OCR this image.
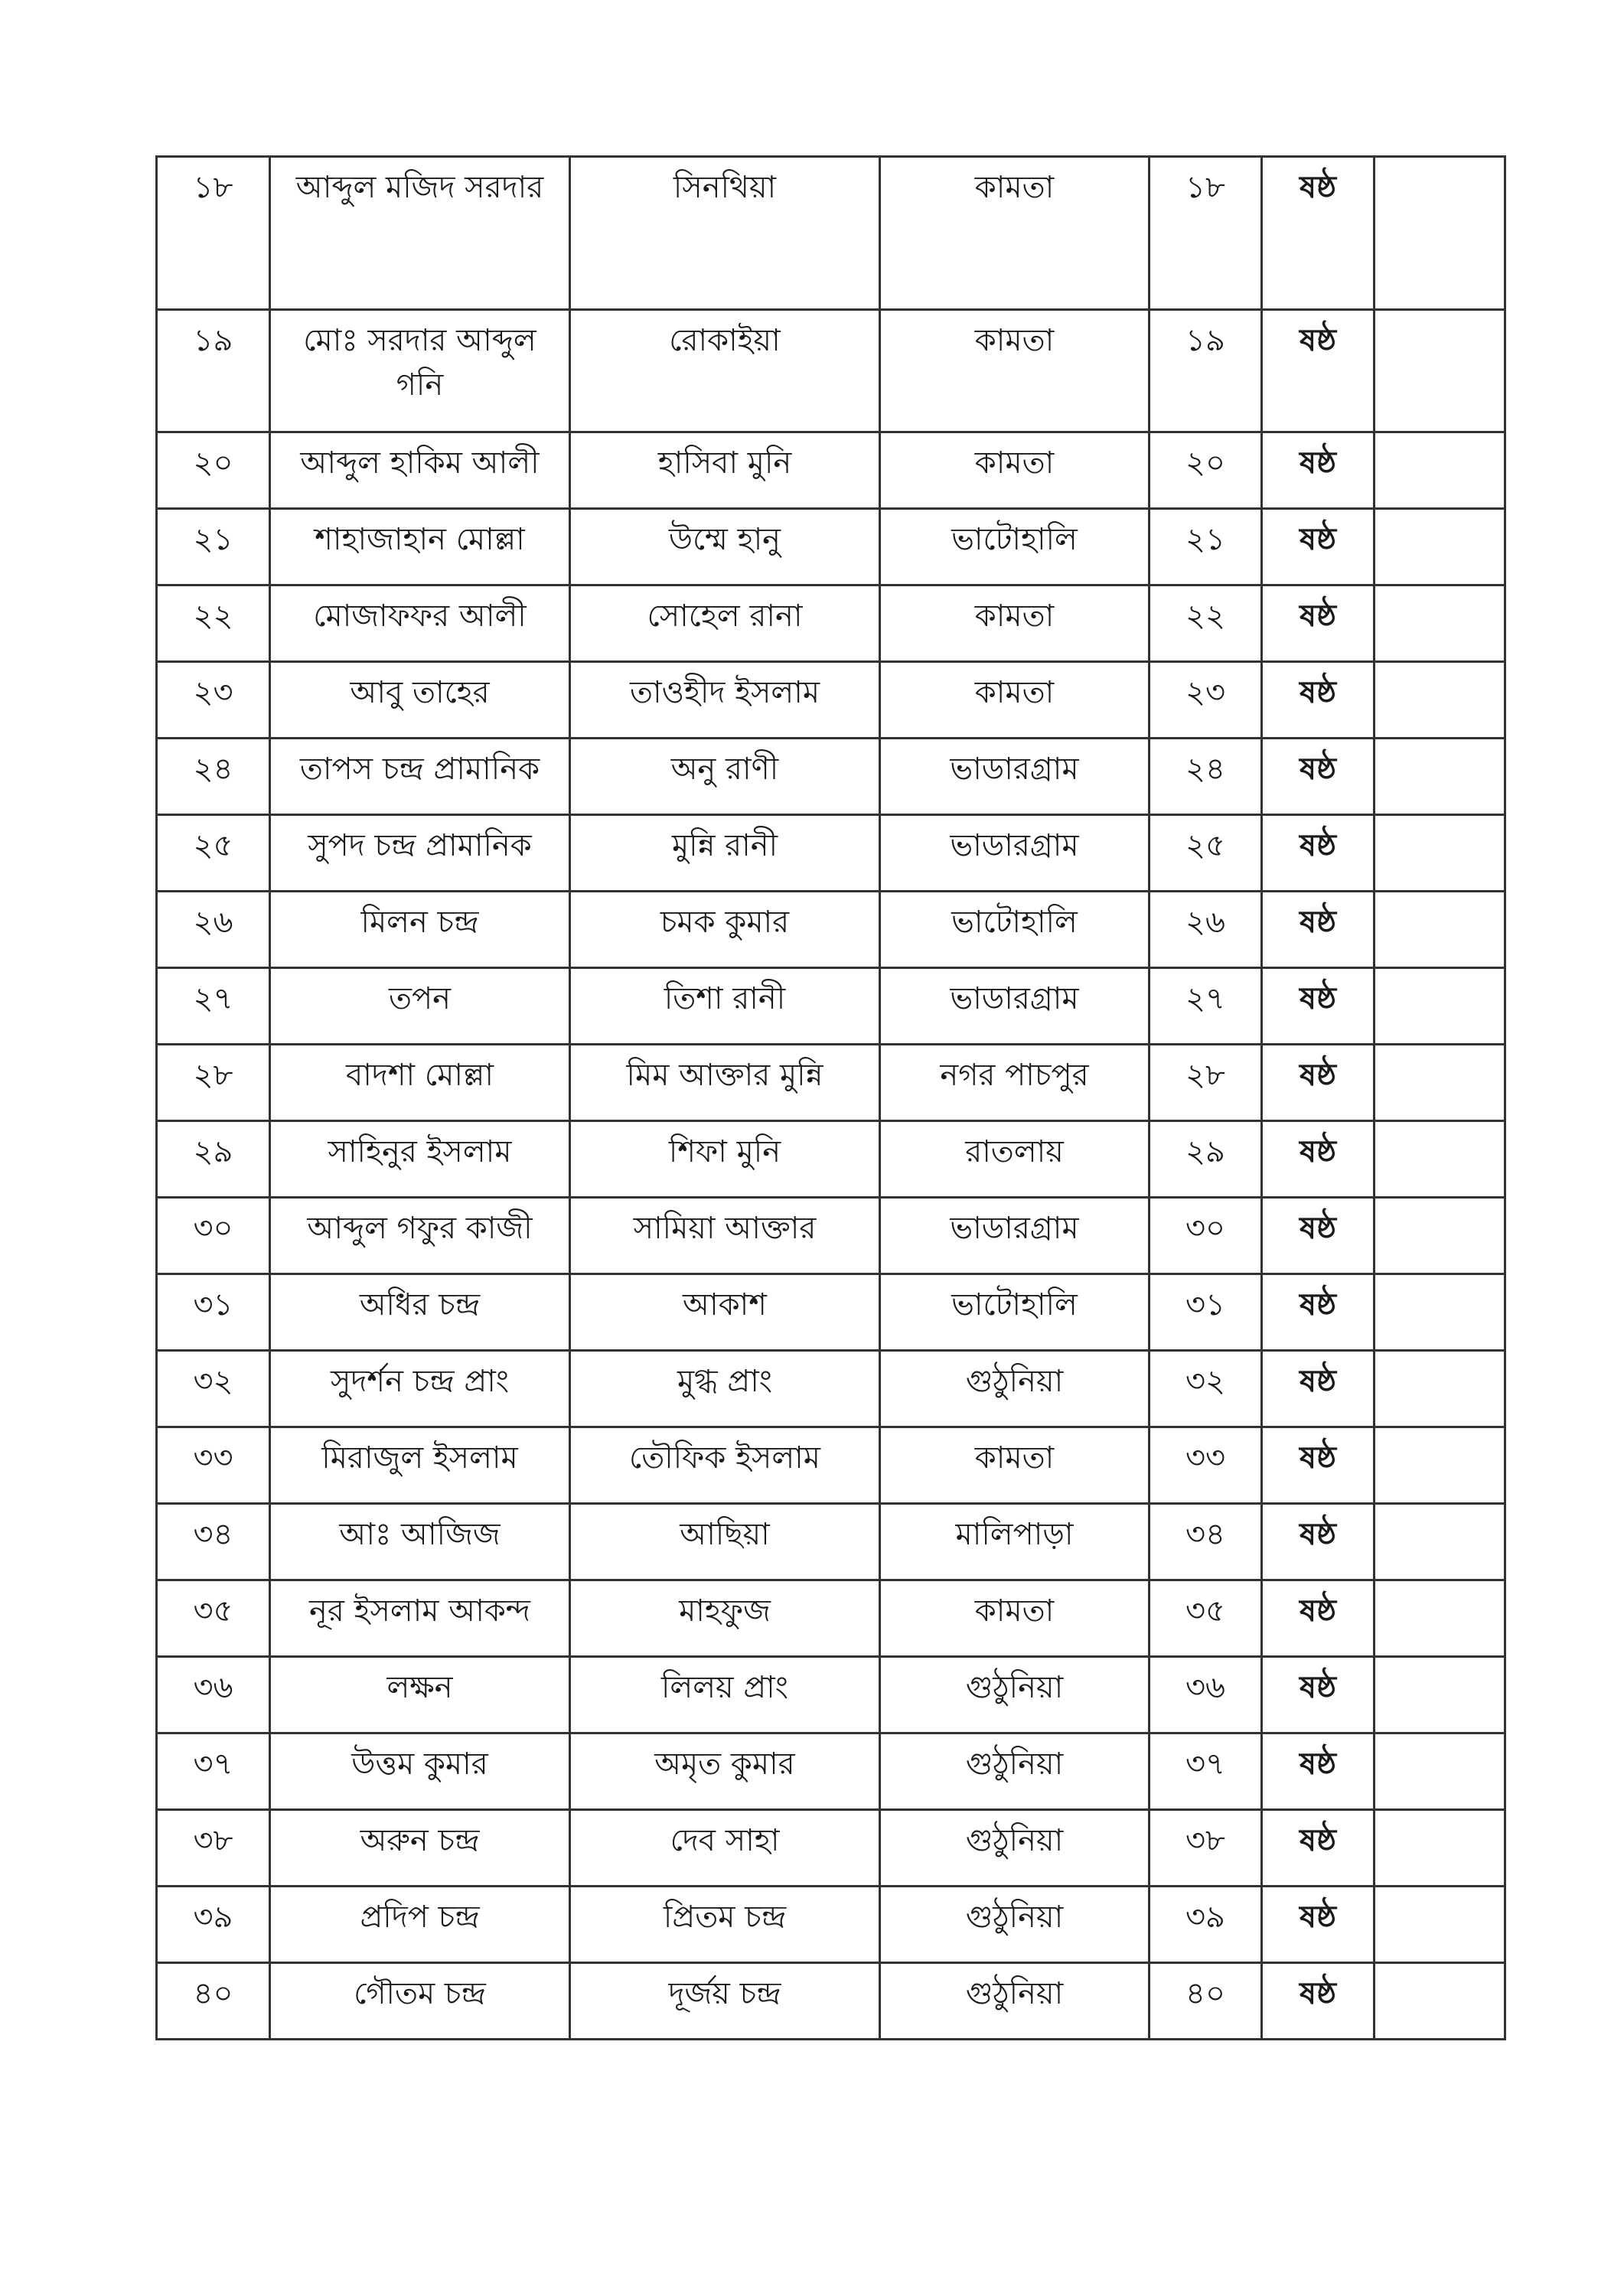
১৮	আব্দুল মজিদ সরদার	সিনথিয়া	কামতা	১৮	ষষ্ঠ	
১৯	মোঃ সরদার আব্দুল গনি	রোকাইয়া	কামতা	১৯	ষষ্ঠ	
২০	আব্দুল হাকিম আলী	হাসিবা মুনি	কামতা	২০	ষষ্ঠ	
২১	শাহাজাহান মোল্লা	উম্মে হানু	ভাটোহালি	২১	ষষ্ঠ	
২২	মোজাফফর আলী	সোহেল রানা	কামতা	২২	ষষ্ঠ	
২৩	আবু তাহের	তাওহীদ ইসলাম	কামতা	২৩	ষষ্ঠ	
২৪	তাপস চন্দ্র প্রামানিক	অনু রাণী	ভাডারগ্রাম	২৪	ষষ্ঠ	
২৫	সুপদ চন্দ্র প্রামানিক	মুন্নি রানী	ভাডারগ্রাম	২৫	ষষ্ঠ	
২৬	মিলন চন্দ্র	চমক কুমার	ভাটোহালি	২৬	ষষ্ঠ	
২৭	তপন	তিশা রানী	ভাডারগ্রাম	২৭	ষষ্ঠ	
২৮	বাদশা মোল্লা	মিম আক্তার মুন্নি	নগর পাচপুর	২৮	ষষ্ঠ	
২৯	সাহিনুর ইসলাম	শিফা মুনি	রাতলায়	২৯	ষষ্ঠ	
৩০	আব্দুল গফুর কাজী	সামিয়া আক্তার	ভাডারগ্রাম	৩০	ষষ্ঠ	
৩১	অধির চন্দ্র	আকাশ	ভাটোহালি	৩১	ষষ্ঠ	
৩২	সুদর্শন চন্দ্র প্রাং	মুগ্ধ প্রাং	গুঠুনিয়া	৩২	ষষ্ঠ	
৩৩	মিরাজুল ইসলাম	তৌফিক ইসলাম	কামতা	৩৩	ষষ্ঠ	
৩৪	আঃ আজিজ	আছিয়া	মালিপাড়া	৩৪	ষষ্ঠ	
৩৫	নূর ইসলাম আকন্দ	মাহফুজ	কামতা	৩৫	ষষ্ঠ	
৩৬	লক্ষন	লিলয় প্রাং	গুঠুনিয়া	৩৬	ষষ্ঠ	
৩৭	উত্তম কুমার	অমৃত কুমার	গুঠুনিয়া	৩৭	ষষ্ঠ	
৩৮	অরুন চন্দ্র	দেব সাহা	গুঠুনিয়া	৩৮	ষষ্ঠ	
৩৯	প্রদিপ চন্দ্র	প্রিতম চন্দ্র	গুঠুনিয়া	৩৯	ষষ্ঠ	
৪০	গৌতম চন্দ্র	দূর্জয় চন্দ্র	গুঠুনিয়া	৪০	ষষ্ঠ	
